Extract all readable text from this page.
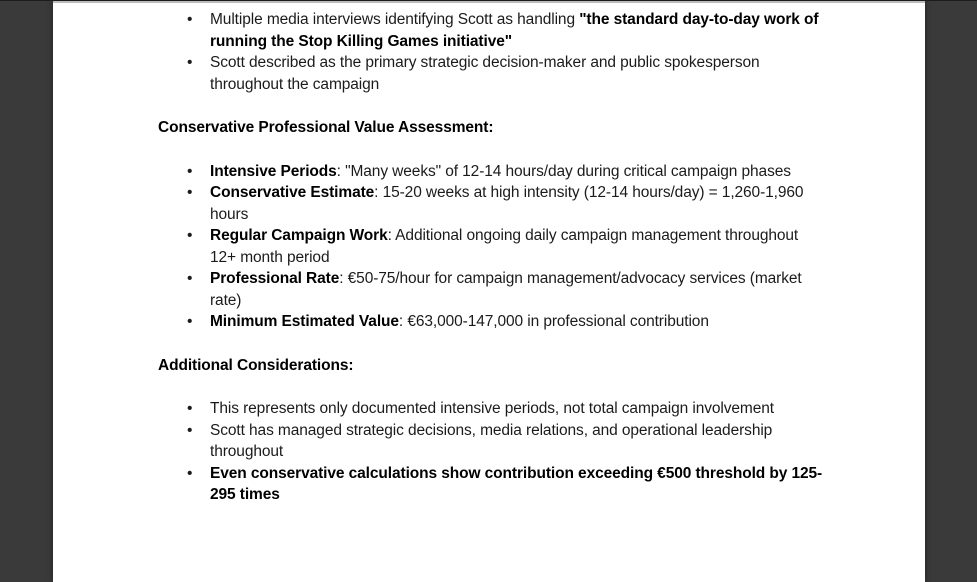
• Multiple media interviews identifying Scott as handling "the standard day-to-day work of running the Stop Killing Games initiative"
• Scott described as the primary strategic decision-maker and public spokesperson throughout the campaign
Conservative Professional Value Assessment:
• Intensive Periods: "Many weeks" of 12-14 hours/day during critical campaign phases
• Conservative Estimate: 15-20 weeks at high intensity (12-14 hours/day) = 1,260-1,960 hours
• Regular Campaign Work: Additional ongoing daily campaign management throughout 12+ month period
• Professional Rate: €50-75/hour for campaign management/advocacy services (market rate)
• Minimum Estimated Value: €63,000-147,000 in professional contribution
Additional Considerations:
• This represents only documented intensive periods, not total campaign involvement
• Scott has managed strategic decisions, media relations, and operational leadership throughout
• Even conservative calculations show contribution exceeding €500 threshold by 125-295 times
